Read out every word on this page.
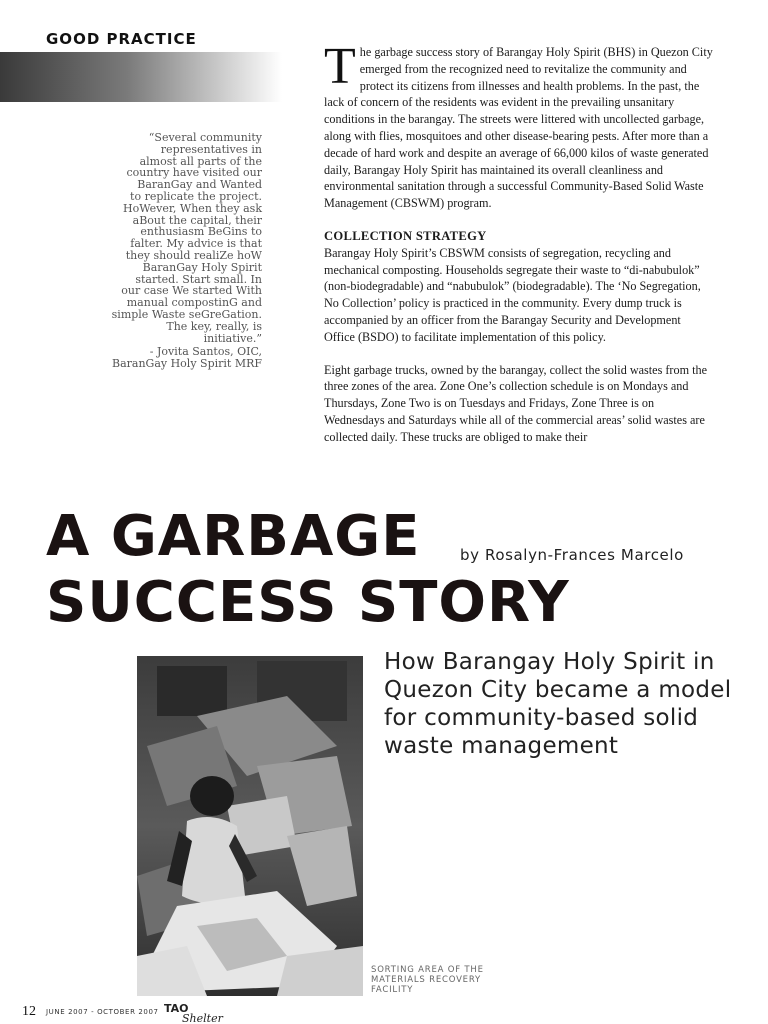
GOOD PRACTICE

“Several community

representatives in

almost all parts of the

country have visited our

BaranGay and Wanted

to replicate the project.

HoWever, When they ask

aBout the capital, their

enthusiasm BeGins to

falter. My advice is that

they should realiZe hoW

BaranGay Holy Spirit

started. Start small. In

our case We started With

manual compostinG and

simple Waste seGreGation.

The key, really, is

initiative.”

- Jovita Santos, OIC,

BaranGay Holy Spirit MRF

The garbage success story of Barangay Holy Spirit (BHS) in Quezon City emerged from the recognized need to revitalize the community and protect its citizens from illnesses and health problems. In the past, the lack of concern of the residents was evident in the prevailing unsanitary conditions in the barangay. The streets were littered with uncollected garbage, along with flies, mosquitoes and other disease-bearing pests. After more than a decade of hard work and despite an average of 66,000 kilos of waste generated daily, Barangay Holy Spirit has maintained its overall cleanliness and environmental sanitation through a successful Community-Based Solid Waste Management (CBSWM) program.

COLLECTION STRATEGY

Barangay Holy Spirit’s CBSWM consists of segregation, recycling and mechanical composting. Households segregate their waste to “di-nabubulok” (non-biodegradable) and “nabubulok” (biodegradable). The ‘No Segregation, No Collection’ policy is practiced in the community. Every dump truck is accompanied by an officer from the Barangay Security and Development Office (BSDO) to facilitate implementation of this policy.

Eight garbage trucks, owned by the barangay, collect the solid wastes from the three zones of the area. Zone One’s collection schedule is on Mondays and Thursdays, Zone Two is on Tuesdays and Fridays, Zone Three is on Wednesdays and Saturdays while all of the commercial areas’ solid wastes are collected daily. These trucks are obliged to make their

A GARBAGE
SUCCESS STORY
by Rosalyn-Frances Marcelo
How Barangay Holy Spirit in Quezon City became a model for community-based solid waste management
SORTING AREA OF THE MATERIALS RECOVERY FACILITY
12 JUNE 2007 - OCTOBER 2007 TAO
Shelter
